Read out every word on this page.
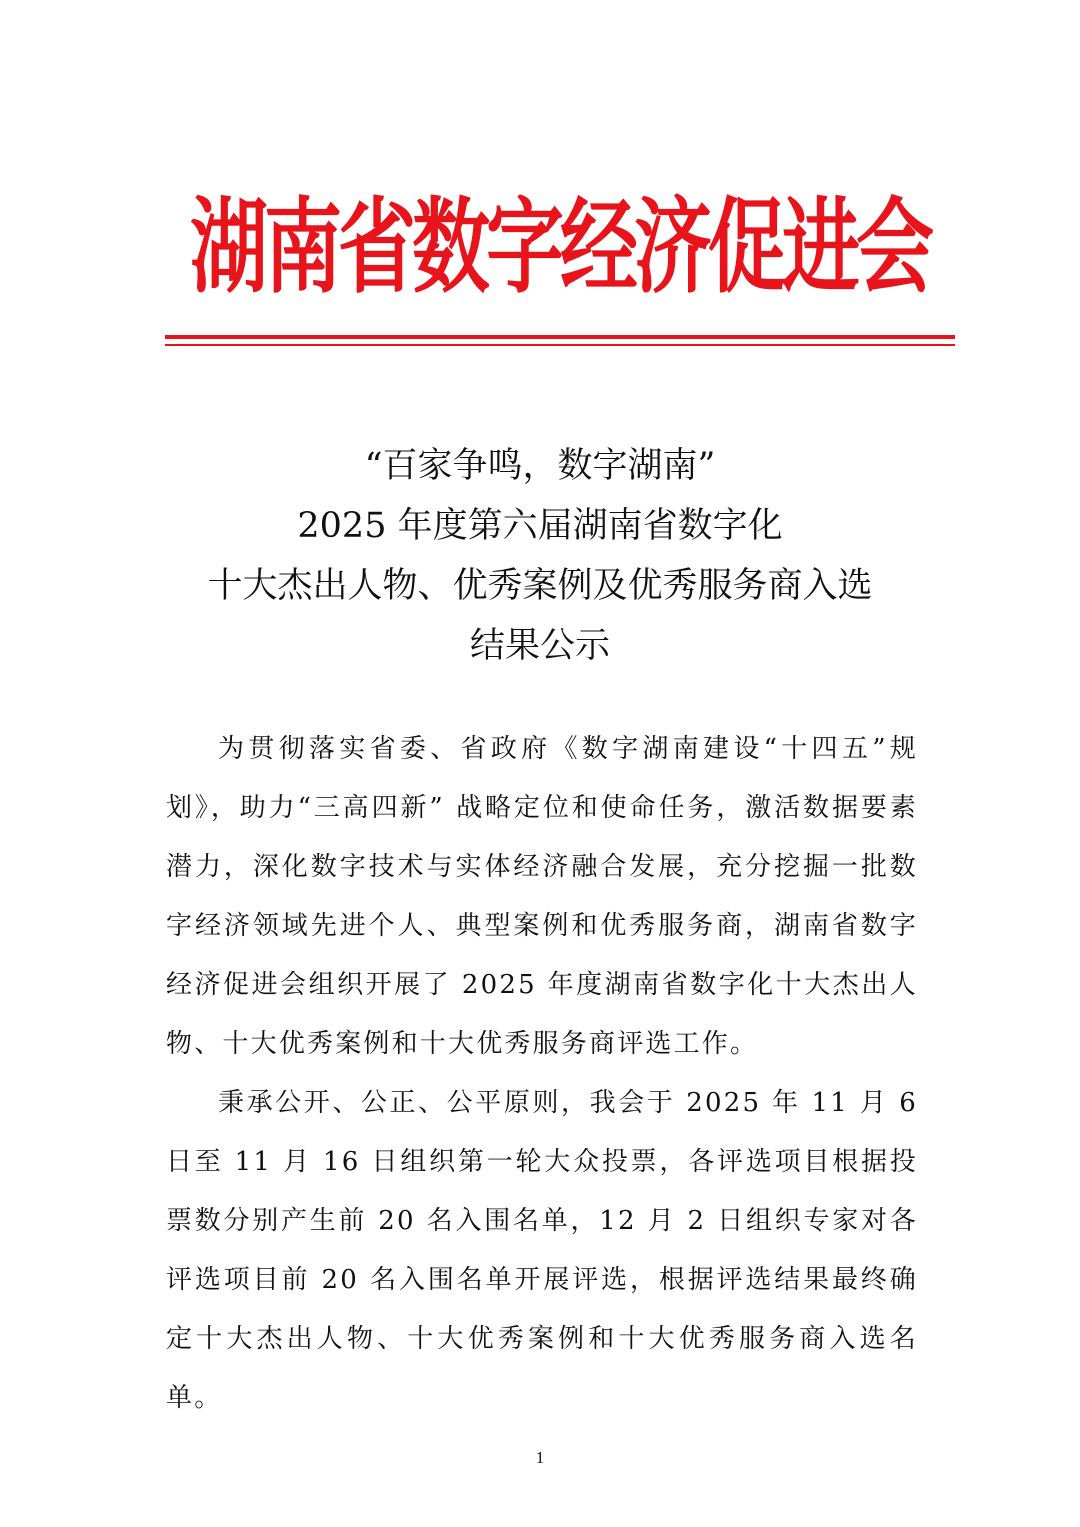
湖南省数字经济促进会
“百家争鸣，数字湖南”
2025 年度第六届湖南省数字化
十大杰出人物、优秀案例及优秀服务商入选
结果公示

为贯彻落实省委、省政府《数字湖南建设“十四五”规划》，助力“三高四新” 战略定位和使命任务，激活数据要素潜力，深化数字技术与实体经济融合发展，充分挖掘一批数字经济领域先进个人、典型案例和优秀服务商，湖南省数字经济促进会组织开展了 2025 年度湖南省数字化十大杰出人物、十大优秀案例和十大优秀服务商评选工作。

秉承公开、公正、公平原则，我会于 2025 年 11 月 6 日至 11 月 16 日组织第一轮大众投票，各评选项目根据投票数分别产生前 20 名入围名单，12 月 2 日组织专家对各评选项目前 20 名入围名单开展评选，根据评选结果最终确定十大杰出人物、十大优秀案例和十大优秀服务商入选名单。

1
